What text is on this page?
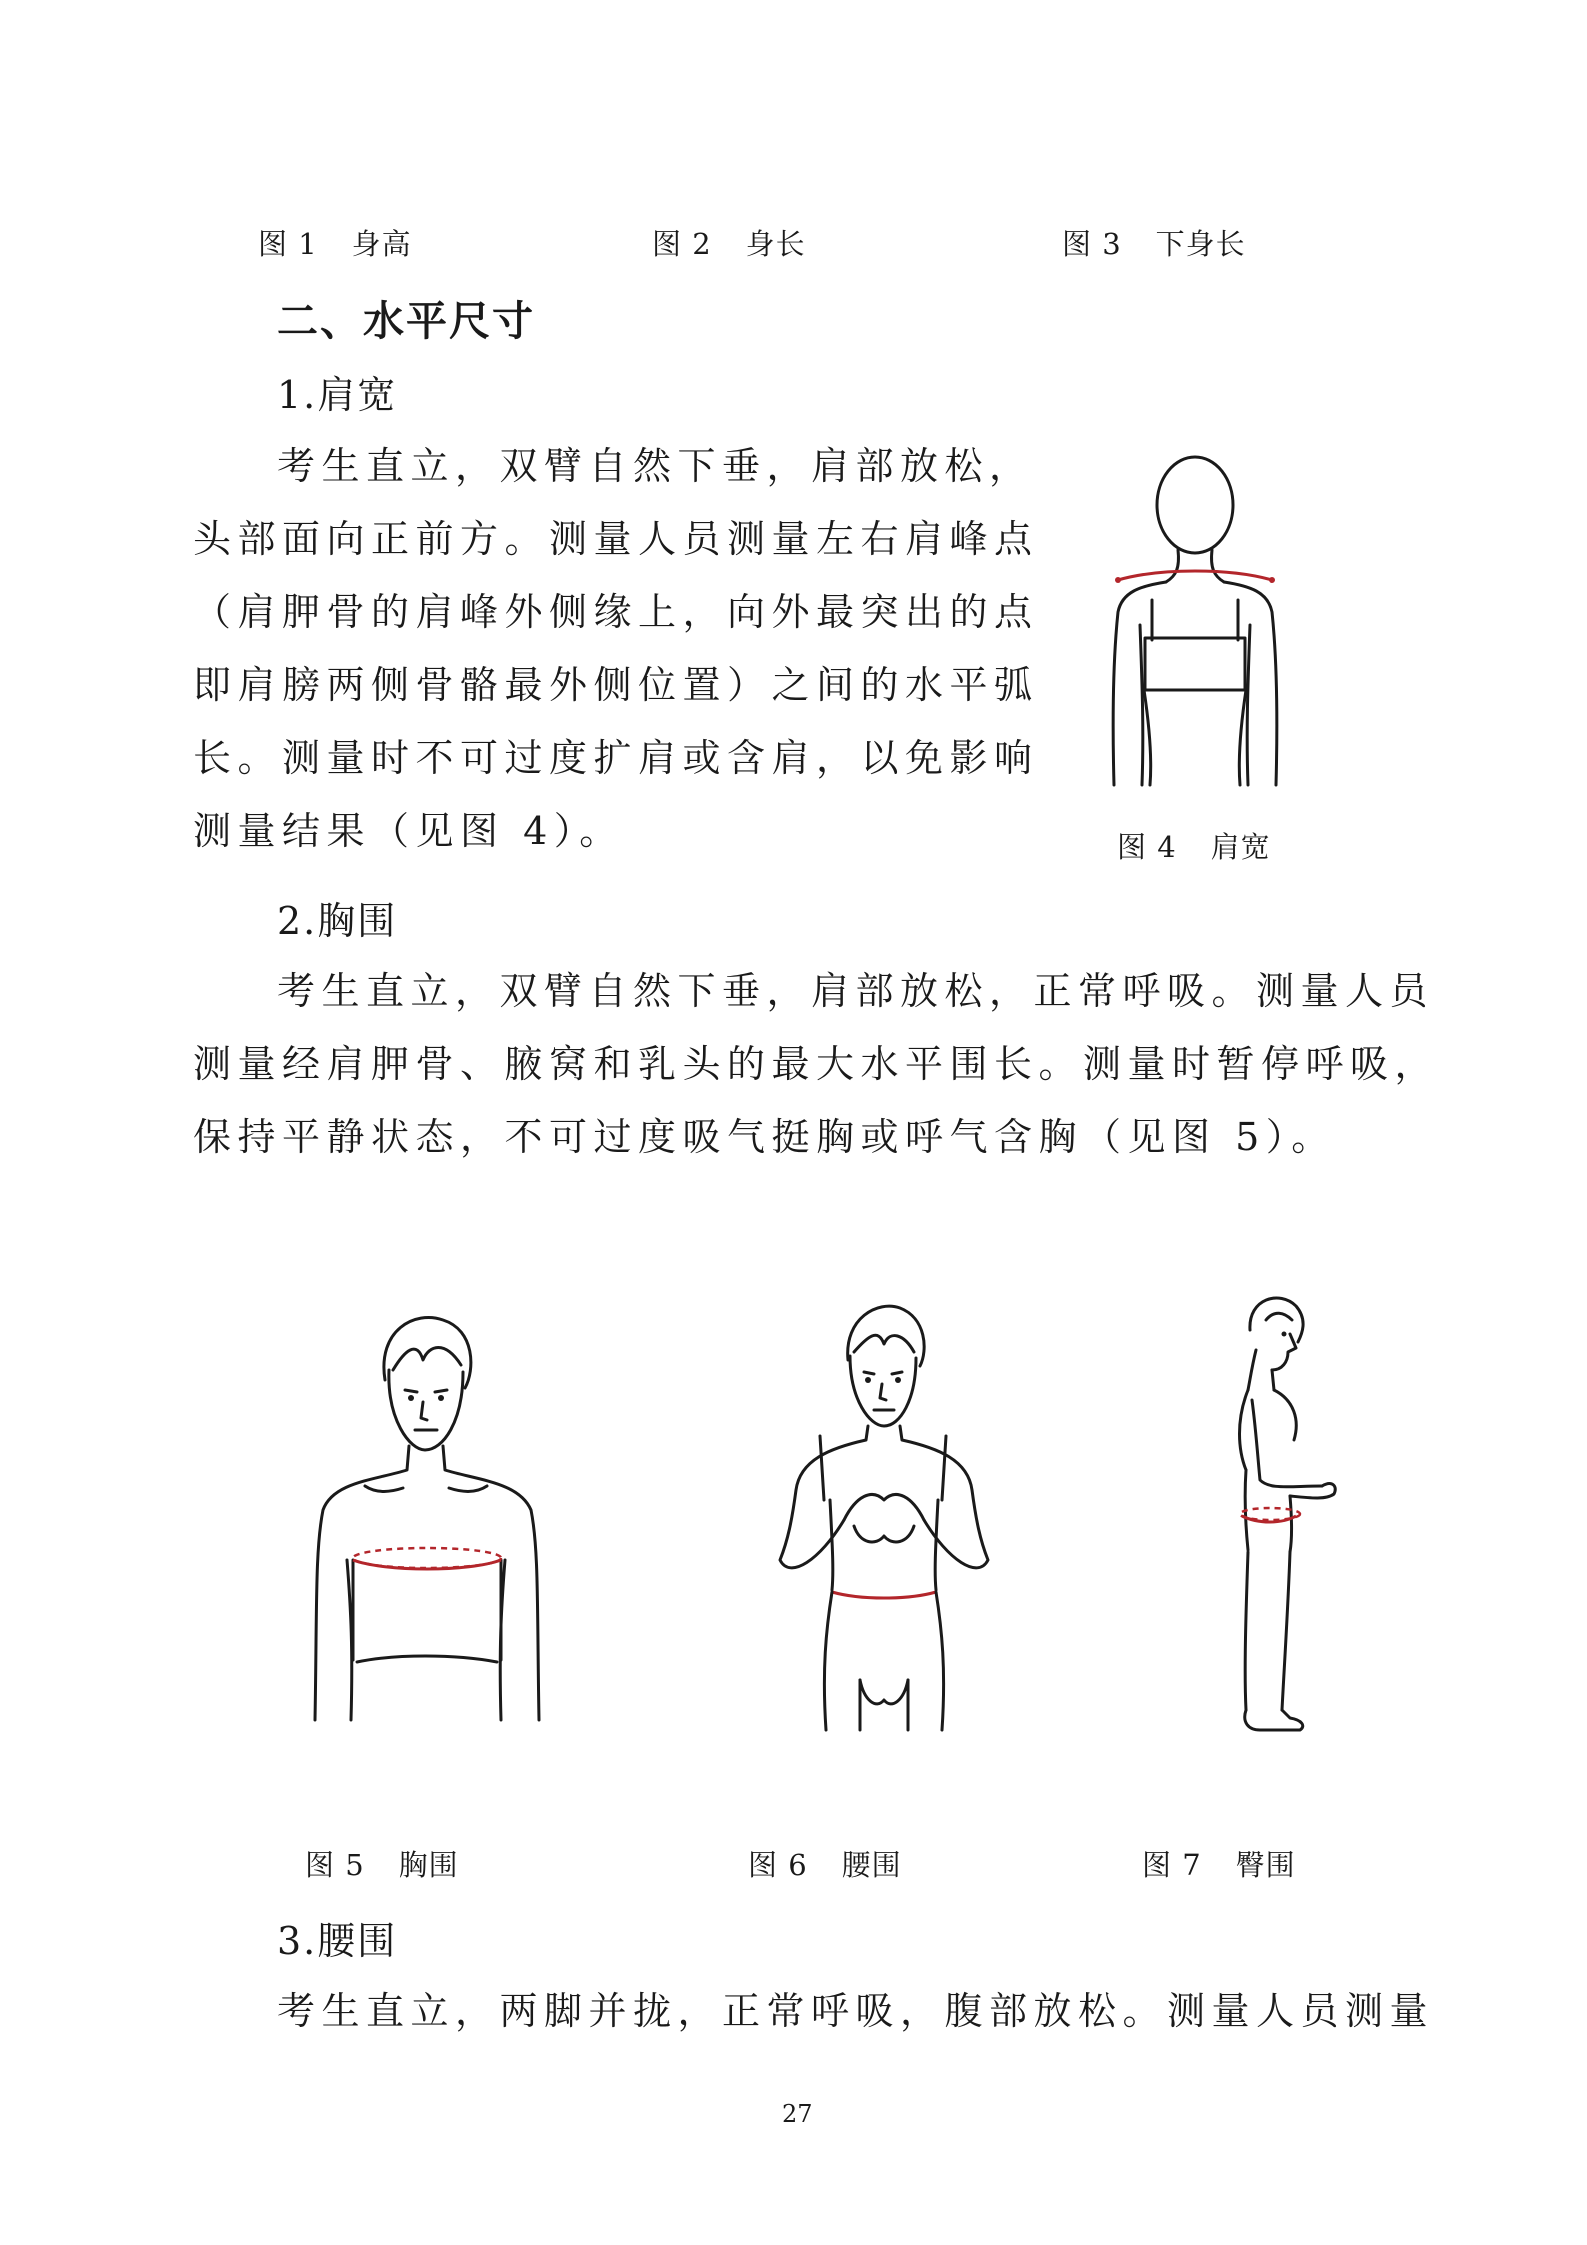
图 1 身高	图 2 身长	图 3 下身长
二、水平尺寸
1.肩宽
考生直立，双臂自然下垂，肩部放松，
头部面向正前方。测量人员测量左右肩峰点
（肩胛骨的肩峰外侧缘上，向外最突出的点
即肩膀两侧骨骼最外侧位置）之间的水平弧
长。测量时不可过度扩肩或含肩，以免影响
测量结果（见图 4）。	图 4 肩宽
2.胸围
考生直立，双臂自然下垂，肩部放松，正常呼吸。测量人员
测量经肩胛骨、腋窝和乳头的最大水平围长。测量时暂停呼吸，
保持平静状态，不可过度吸气挺胸或呼气含胸（见图 5）。
图 5 胸围	图 6 腰围	图 7 臀围
3.腰围
考生直立，两脚并拢，正常呼吸，腹部放松。测量人员测量
27
